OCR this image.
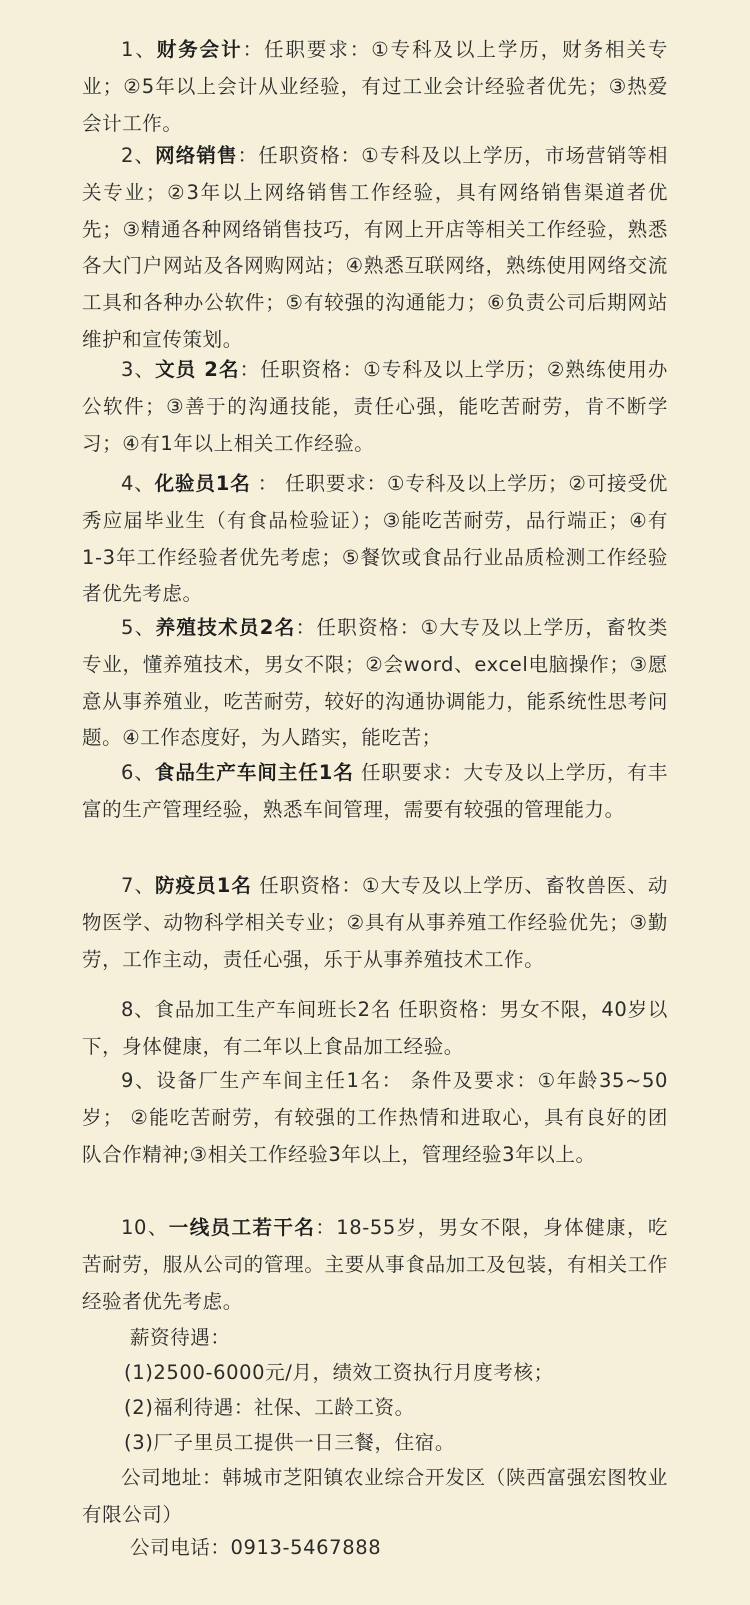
1、财务会计：任职要求：①专科及以上学历，财务相关专业；②5年以上会计从业经验，有过工业会计经验者优先；③热爱会计工作。

2、网络销售：任职资格：①专科及以上学历，市场营销等相关专业；②3年以上网络销售工作经验，具有网络销售渠道者优先；③精通各种网络销售技巧，有网上开店等相关工作经验，熟悉各大门户网站及各网购网站；④熟悉互联网络，熟练使用网络交流工具和各种办公软件；⑤有较强的沟通能力；⑥负责公司后期网站维护和宣传策划。

3、文员 2名：任职资格：①专科及以上学历；②熟练使用办公软件；③善于的沟通技能，责任心强，能吃苦耐劳，肯不断学习；④有1年以上相关工作经验。

4、化验员1名 ： 任职要求：①专科及以上学历；②可接受优秀应届毕业生（有食品检验证）；③能吃苦耐劳，品行端正；④有1-3年工作经验者优先考虑；⑤餐饮或食品行业品质检测工作经验者优先考虑。

5、养殖技术员2名：任职资格：①大专及以上学历，畜牧类专业，懂养殖技术，男女不限；②会word、excel电脑操作；③愿意从事养殖业，吃苦耐劳，较好的沟通协调能力，能系统性思考问题。④工作态度好，为人踏实，能吃苦；

6、食品生产车间主任1名 任职要求：大专及以上学历，有丰富的生产管理经验，熟悉车间管理，需要有较强的管理能力。

7、防疫员1名 任职资格：①大专及以上学历、畜牧兽医、动物医学、动物科学相关专业；②具有从事养殖工作经验优先；③勤劳，工作主动，责任心强，乐于从事养殖技术工作。

8、食品加工生产车间班长2名 任职资格：男女不限，40岁以下，身体健康，有二年以上食品加工经验。

9、设备厂生产车间主任1名： 条件及要求：①年龄35~50岁； ②能吃苦耐劳，有较强的工作热情和进取心，具有良好的团队合作精神;③相关工作经验3年以上，管理经验3年以上。

10、一线员工若干名：18-55岁，男女不限，身体健康，吃苦耐劳，服从公司的管理。主要从事食品加工及包装，有相关工作经验者优先考虑。

薪资待遇：

(1)2500-6000元/月，绩效工资执行月度考核；

(2)福利待遇：社保、工龄工资。

(3)厂子里员工提供一日三餐，住宿。

公司地址：韩城市芝阳镇农业综合开发区（陕西富强宏图牧业有限公司）

公司电话：0913-5467888
